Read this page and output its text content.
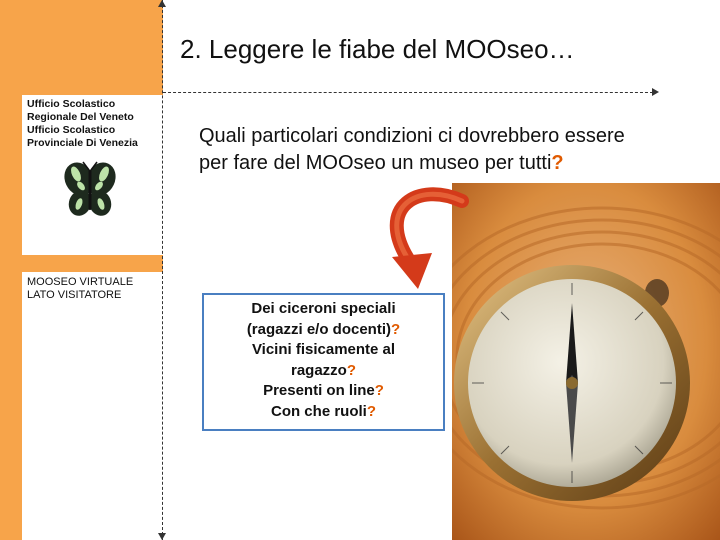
Ufficio Scolastico
Regionale Del Veneto
Ufficio Scolastico
Provinciale Di Venezia
MOOSEO VIRTUALE
LATO VISITATORE
2. Leggere le fiabe del MOOseo…
Quali particolari condizioni ci dovrebbero essere per fare del MOOseo un museo per tutti?
Dei ciceroni speciali
(ragazzi e/o docenti)?
Vicini fisicamente al
ragazzo?
Presenti on line?
Con che ruoli?
